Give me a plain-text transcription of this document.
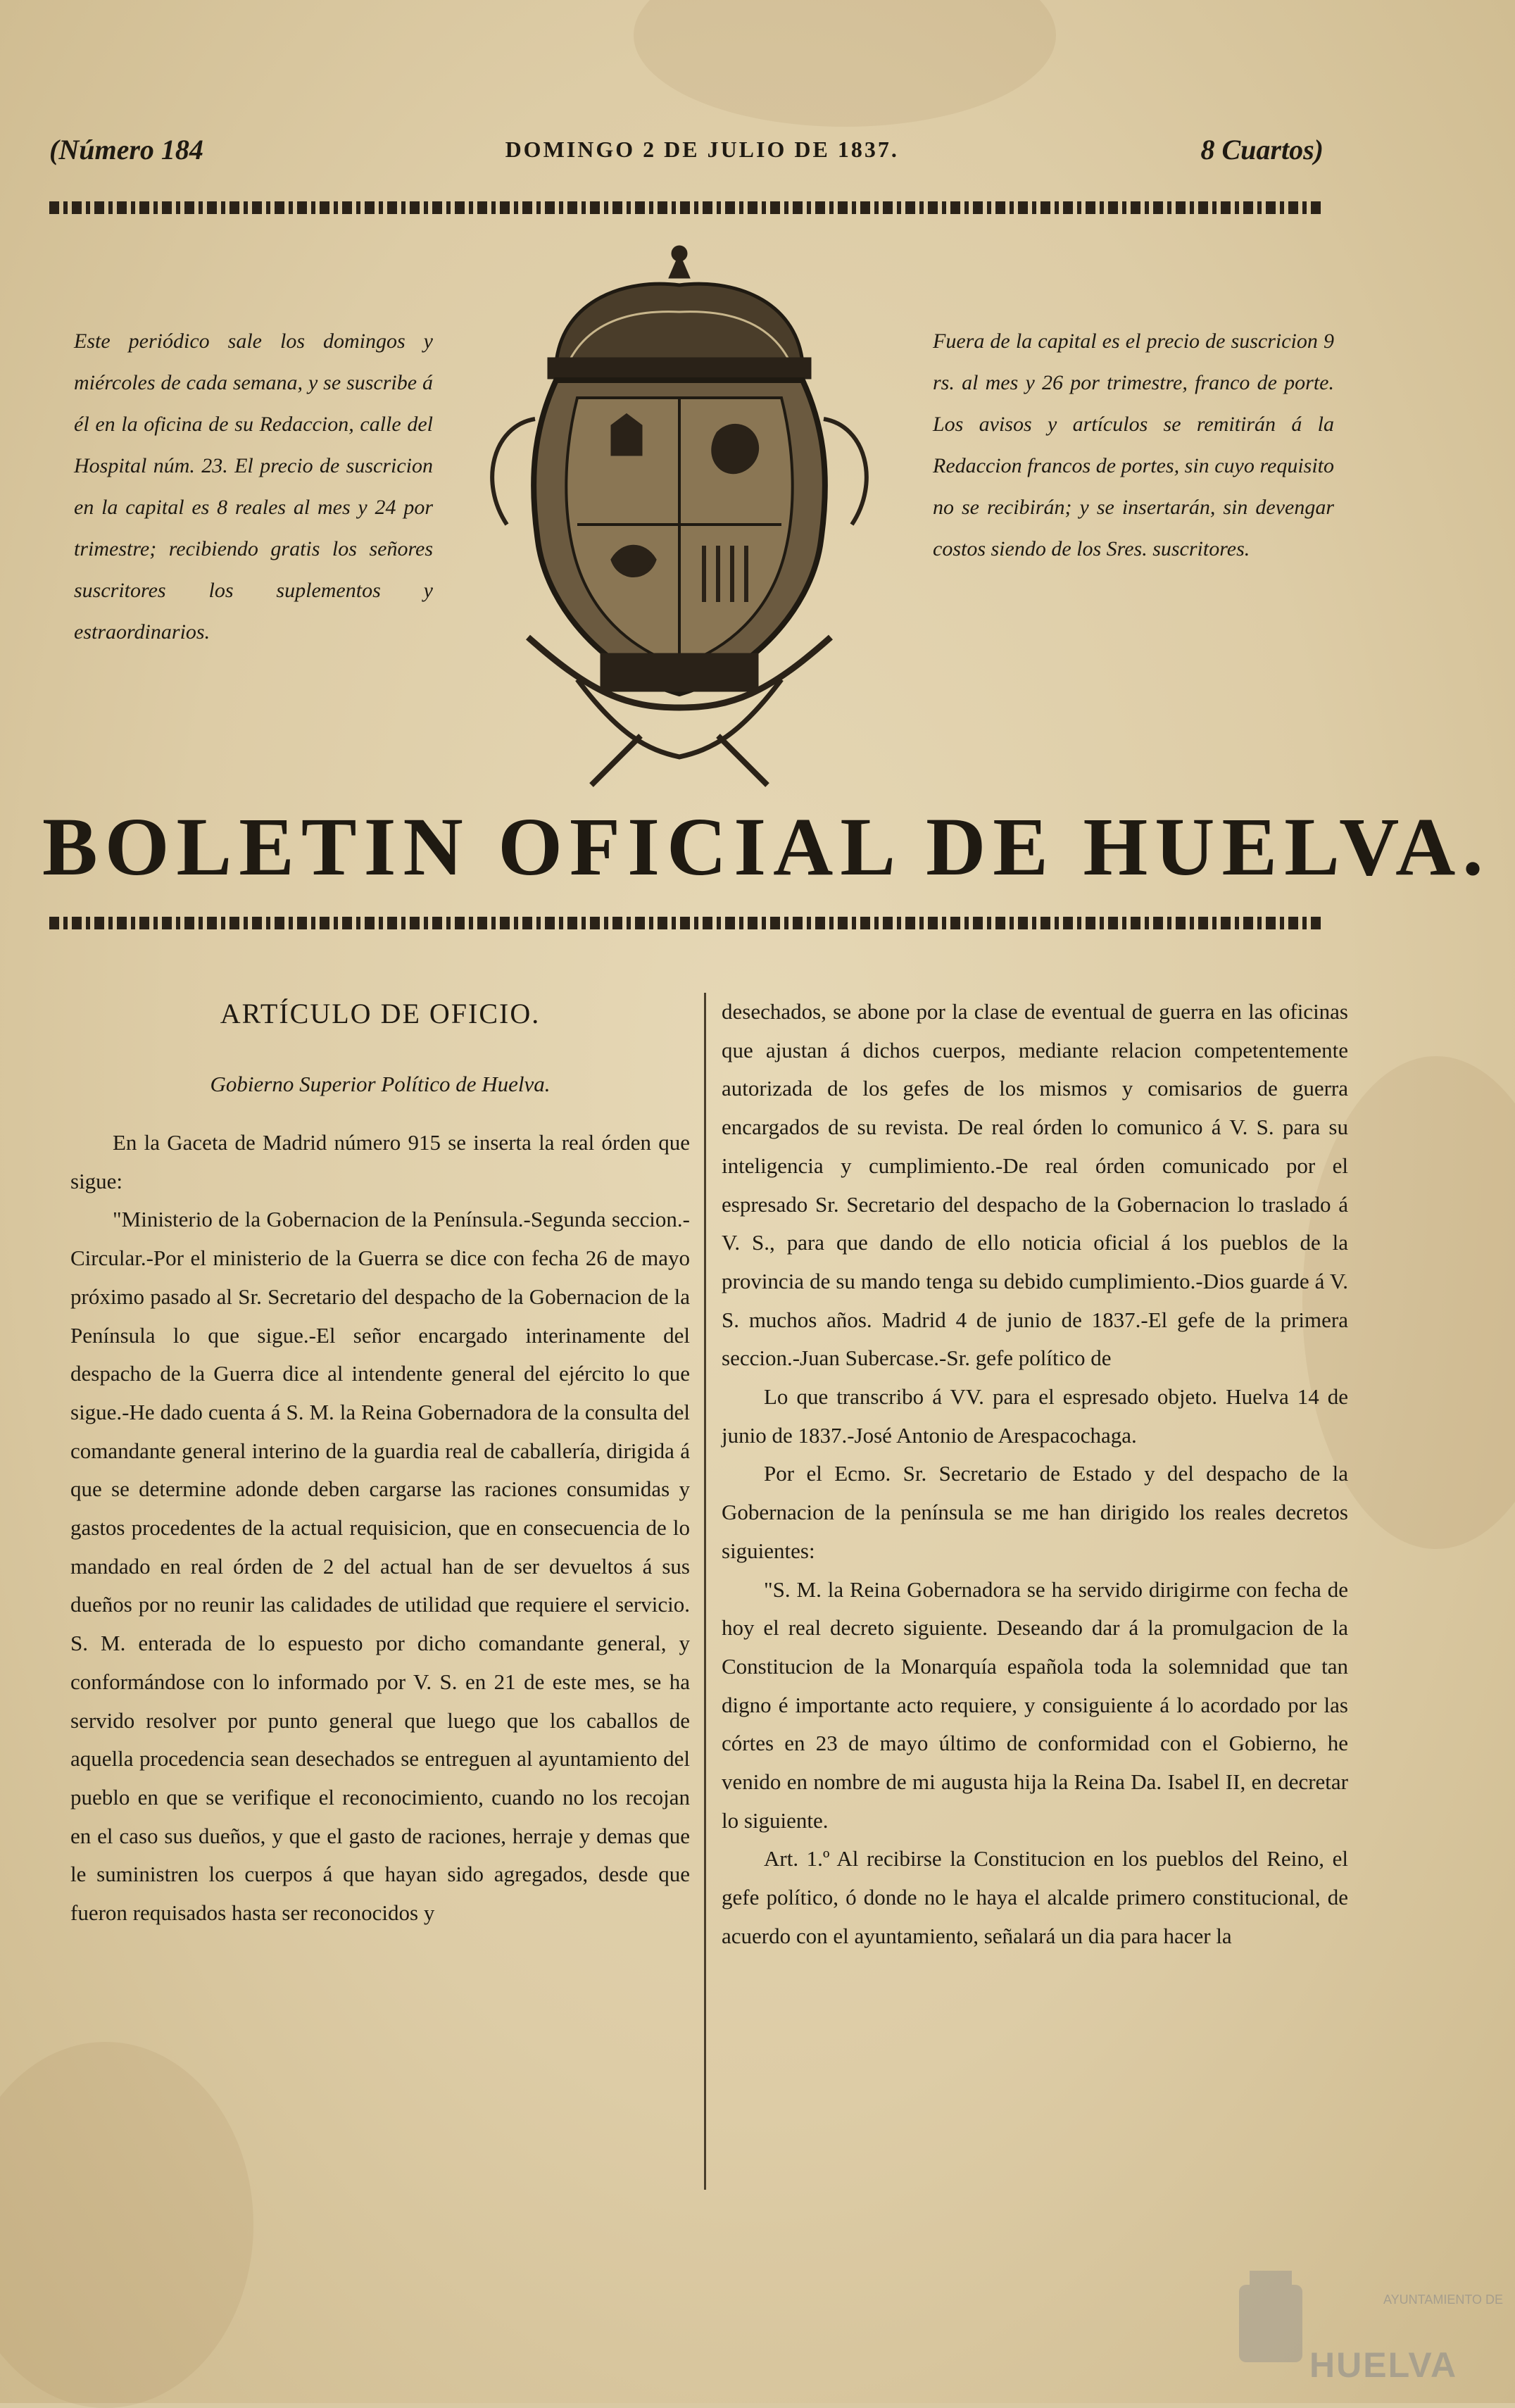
(Número 184	DOMINGO 2 DE JULIO DE 1837.	8 Cuartos)
Este periódico sale los domingos y miércoles de cada semana, y se suscribe á él en la oficina de su Redaccion, calle del Hospital núm. 23. El precio de suscricion en la capital es 8 reales al mes y 24 por trimestre; recibiendo gratis los señores suscritores los suplementos y estraordinarios.
Fuera de la capital es el precio de suscricion 9 rs. al mes y 26 por trimestre, franco de porte. Los avisos y artículos se remitirán á la Redaccion francos de portes, sin cuyo requisito no se recibirán; y se insertarán, sin devengar costos siendo de los Sres. suscritores.
BOLETIN OFICIAL DE HUELVA.
ARTÍCULO DE OFICIO.
Gobierno Superior Político de Huelva.

En la Gaceta de Madrid número 915 se inserta la real órden que sigue:

"Ministerio de la Gobernacion de la Península.-Segunda seccion.-Circular.-Por el ministerio de la Guerra se dice con fecha 26 de mayo próximo pasado al Sr. Secretario del despacho de la Gobernacion de la Península lo que sigue.-El señor encargado interinamente del despacho de la Guerra dice al intendente general del ejército lo que sigue.-He dado cuenta á S. M. la Reina Gobernadora de la consulta del comandante general interino de la guardia real de caballería, dirigida á que se determine adonde deben cargarse las raciones consumidas y gastos procedentes de la actual requisicion, que en consecuencia de lo mandado en real órden de 2 del actual han de ser devueltos á sus dueños por no reunir las calidades de utilidad que requiere el servicio. S. M. enterada de lo espuesto por dicho comandante general, y conformándose con lo informado por V. S. en 21 de este mes, se ha servido resolver por punto general que luego que los caballos de aquella procedencia sean desechados se entreguen al ayuntamiento del pueblo en que se verifique el reconocimiento, cuando no los recojan en el caso sus dueños, y que el gasto de raciones, herraje y demas que le suministren los cuerpos á que hayan sido agregados, desde que fueron requisados hasta ser reconocidos y

desechados, se abone por la clase de eventual de guerra en las oficinas que ajustan á dichos cuerpos, mediante relacion competentemente autorizada de los gefes de los mismos y comisarios de guerra encargados de su revista. De real órden lo comunico á V. S. para su inteligencia y cumplimiento.-De real órden comunicado por el espresado Sr. Secretario del despacho de la Gobernacion lo traslado á V. S., para que dando de ello noticia oficial á los pueblos de la provincia de su mando tenga su debido cumplimiento.-Dios guarde á V. S. muchos años. Madrid 4 de junio de 1837.-El gefe de la primera seccion.-Juan Subercase.-Sr. gefe político de

Lo que transcribo á VV. para el espresado objeto. Huelva 14 de junio de 1837.-José Antonio de Arespacochaga.

Por el Ecmo. Sr. Secretario de Estado y del despacho de la Gobernacion de la península se me han dirigido los reales decretos siguientes:

"S. M. la Reina Gobernadora se ha servido dirigirme con fecha de hoy el real decreto siguiente. Deseando dar á la promulgacion de la Constitucion de la Monarquía española toda la solemnidad que tan digno é importante acto requiere, y consiguiente á lo acordado por las córtes en 23 de mayo último de conformidad con el Gobierno, he venido en nombre de mi augusta hija la Reina Da. Isabel II, en decretar lo siguiente.

Art. 1.º Al recibirse la Constitucion en los pueblos del Reino, el gefe político, ó donde no le haya el alcalde primero constitucional, de acuerdo con el ayuntamiento, señalará un dia para hacer la

AYUNTAMIENTO DE
HUELVA
